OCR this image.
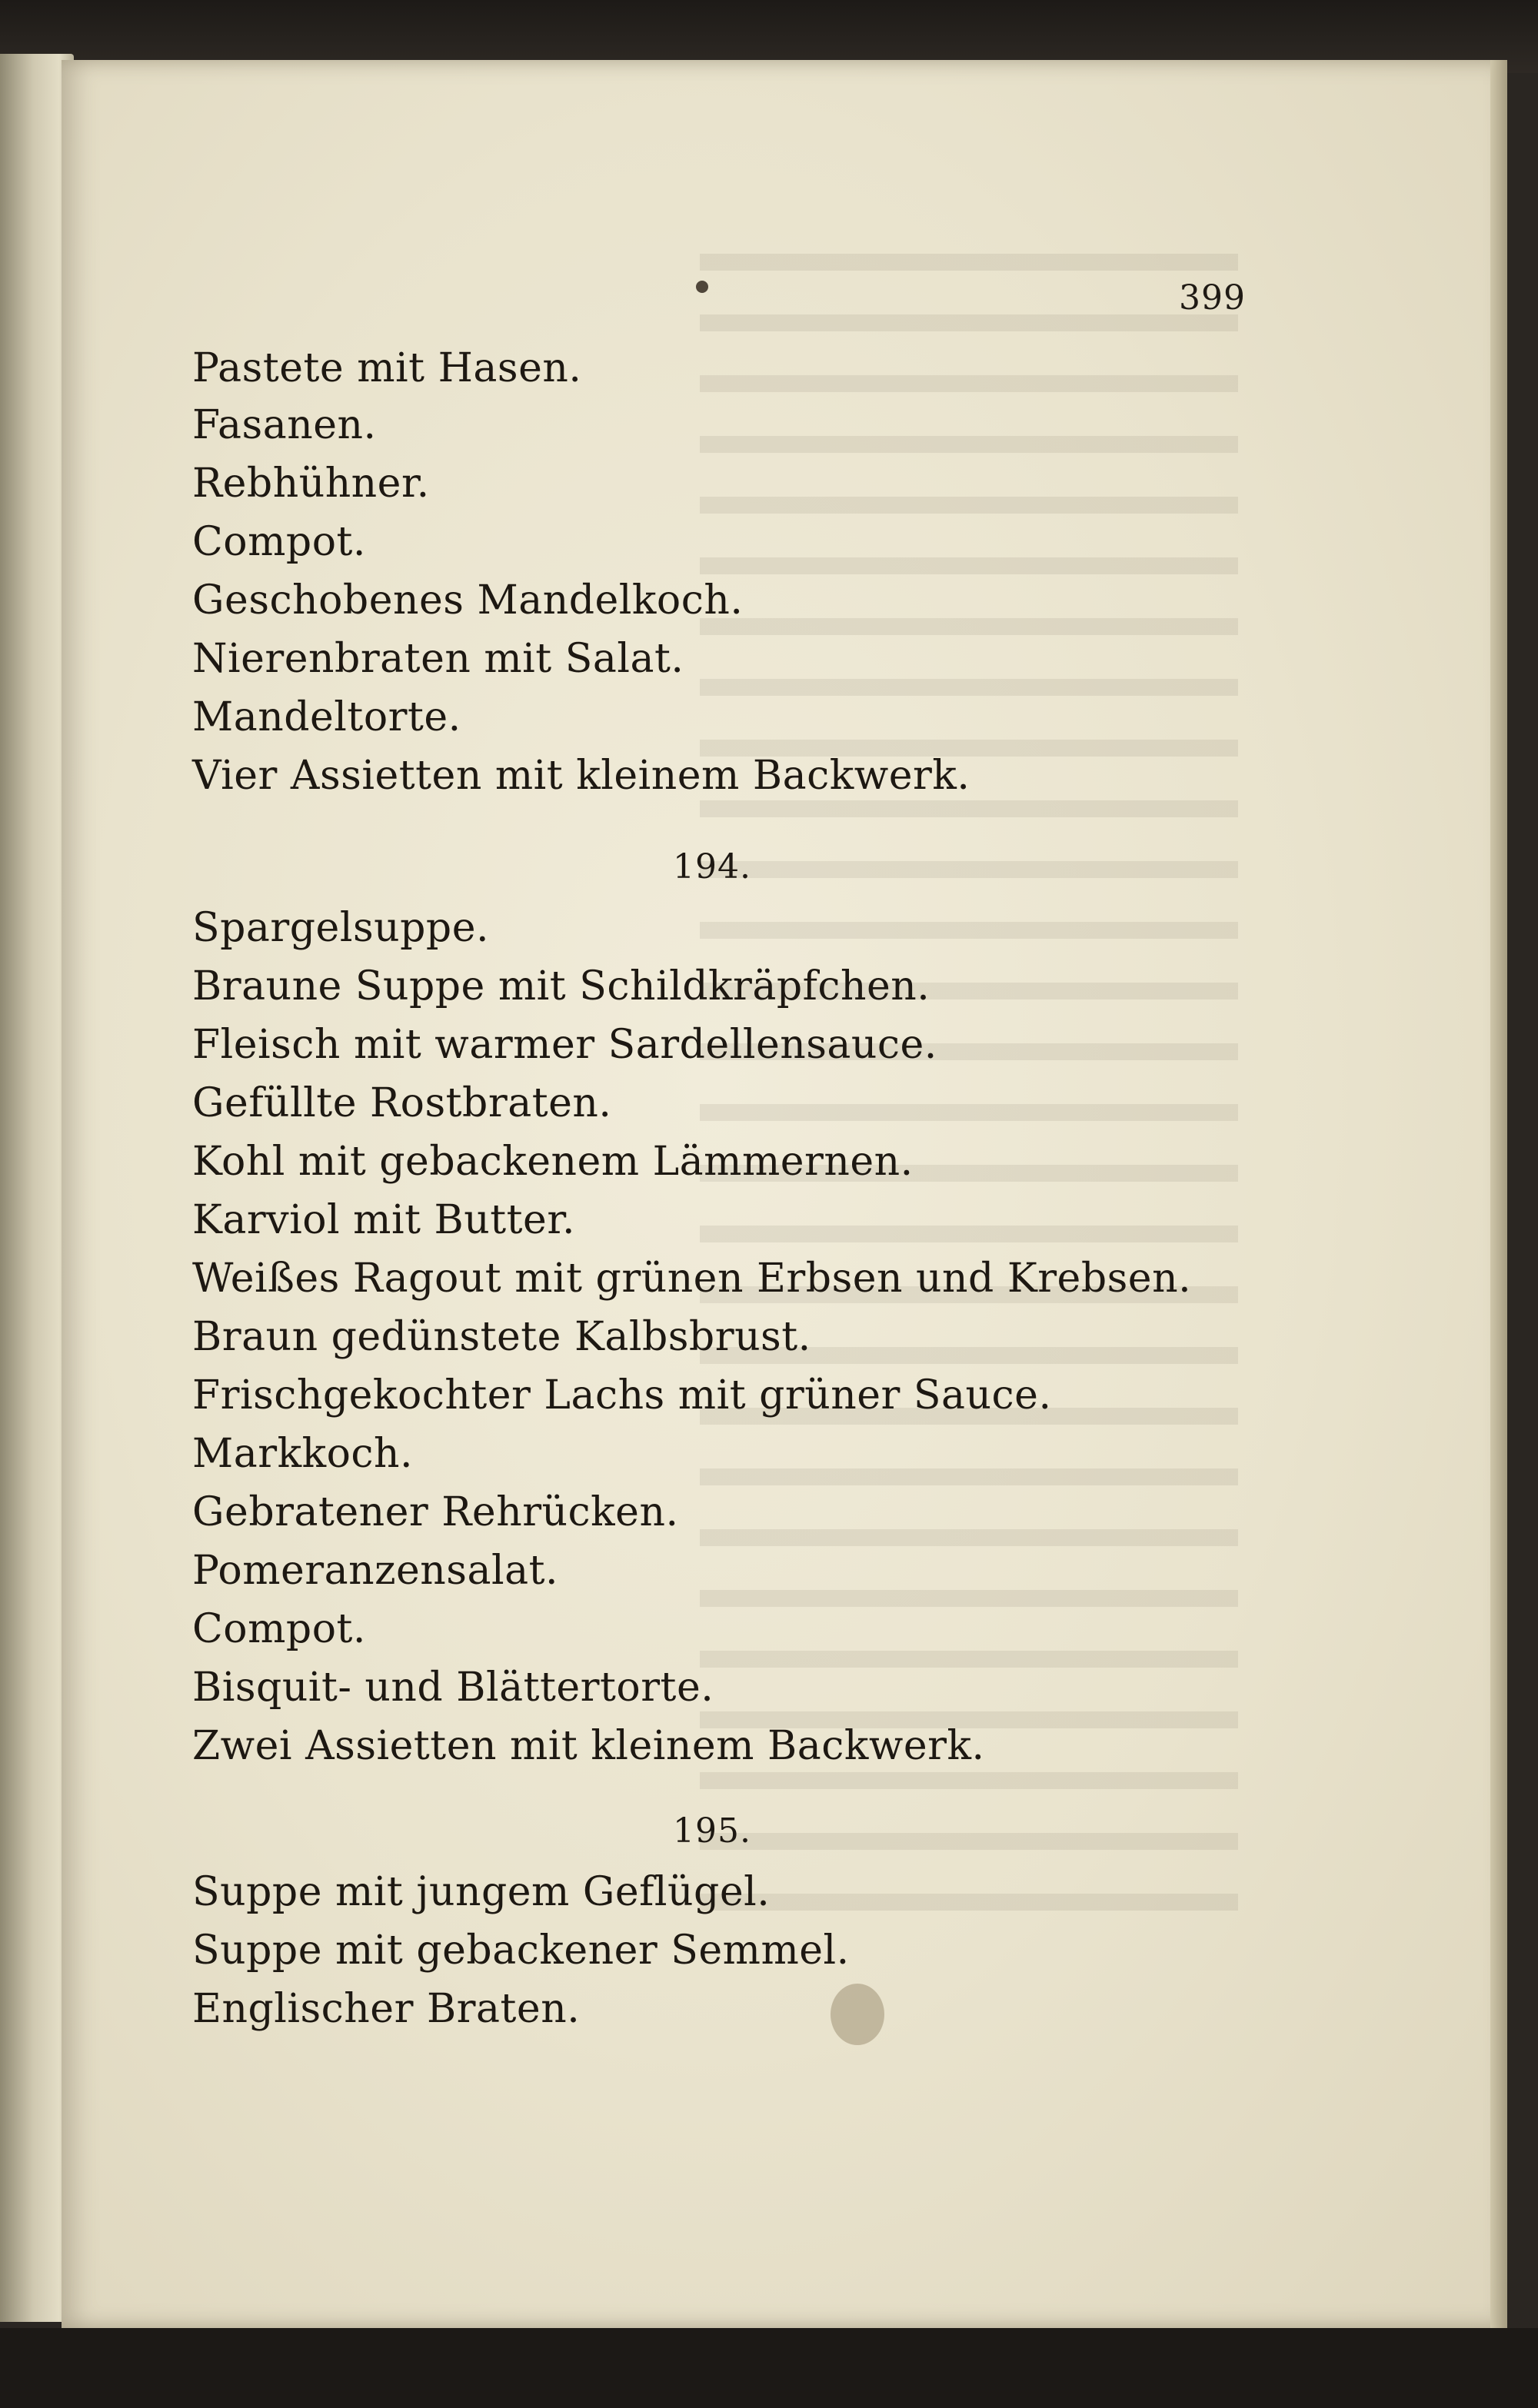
399
Pastete mit Hasen.
Fasanen.
Rebhühner.
Compot.
Geschobenes Mandelkoch.
Nierenbraten mit Salat.
Mandeltorte.
Vier Assietten mit kleinem Backwerk.
194.
Spargelsuppe.
Braune Suppe mit Schildkräpfchen.
Fleisch mit warmer Sardellensauce.
Gefüllte Rostbraten.
Kohl mit gebackenem Lämmernen.
Karviol mit Butter.
Weißes Ragout mit grünen Erbsen und Krebsen.
Braun gedünstete Kalbsbrust.
Frischgekochter Lachs mit grüner Sauce.
Markkoch.
Gebratener Rehrücken.
Pomeranzensalat.
Compot.
Bisquit- und Blättertorte.
Zwei Assietten mit kleinem Backwerk.
195.
Suppe mit jungem Geflügel.
Suppe mit gebackener Semmel.
Englischer Braten.
